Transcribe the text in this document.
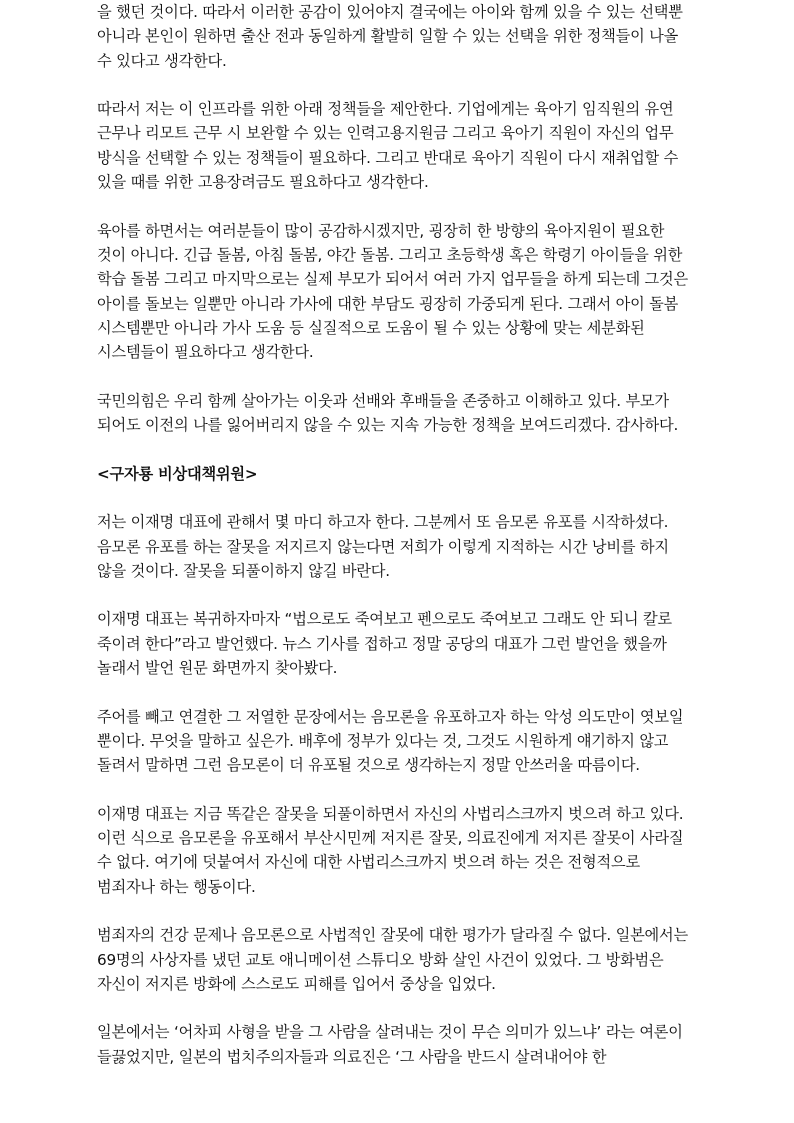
을 했던 것이다. 따라서 이러한 공감이 있어야지 결국에는 아이와 함께 있을 수 있는 선택뿐 아니라 본인이 원하면 출산 전과 동일하게 활발히 일할 수 있는 선택을 위한 정책들이 나올 수 있다고 생각한다.

따라서 저는 이 인프라를 위한 아래 정책들을 제안한다. 기업에게는 육아기 임직원의 유연 근무나 리모트 근무 시 보완할 수 있는 인력고용지원금 그리고 육아기 직원이 자신의 업무 방식을 선택할 수 있는 정책들이 필요하다. 그리고 반대로 육아기 직원이 다시 재취업할 수 있을 때를 위한 고용장려금도 필요하다고 생각한다.

육아를 하면서는 여러분들이 많이 공감하시겠지만, 굉장히 한 방향의 육아지원이 필요한 것이 아니다. 긴급 돌봄, 아침 돌봄, 야간 돌봄. 그리고 초등학생 혹은 학령기 아이들을 위한 학습 돌봄 그리고 마지막으로는 실제 부모가 되어서 여러 가지 업무들을 하게 되는데 그것은 아이를 돌보는 일뿐만 아니라 가사에 대한 부담도 굉장히 가중되게 된다. 그래서 아이 돌봄 시스템뿐만 아니라 가사 도움 등 실질적으로 도움이 될 수 있는 상황에 맞는 세분화된 시스템들이 필요하다고 생각한다.

국민의힘은 우리 함께 살아가는 이웃과 선배와 후배들을 존중하고 이해하고 있다. 부모가 되어도 이전의 나를 잃어버리지 않을 수 있는 지속 가능한 정책을 보여드리겠다. 감사하다.

<구자룡 비상대책위원>

저는 이재명 대표에 관해서 몇 마디 하고자 한다. 그분께서 또 음모론 유포를 시작하셨다. 음모론 유포를 하는 잘못을 저지르지 않는다면 저희가 이렇게 지적하는 시간 낭비를 하지 않을 것이다. 잘못을 되풀이하지 않길 바란다.

이재명 대표는 복귀하자마자 “법으로도 죽여보고 펜으로도 죽여보고 그래도 안 되니 칼로 죽이려 한다”라고 발언했다. 뉴스 기사를 접하고 정말 공당의 대표가 그런 발언을 했을까 놀래서 발언 원문 화면까지 찾아봤다.

주어를 빼고 연결한 그 저열한 문장에서는 음모론을 유포하고자 하는 악성 의도만이 엿보일 뿐이다. 무엇을 말하고 싶은가. 배후에 정부가 있다는 것, 그것도 시원하게 얘기하지 않고 돌려서 말하면 그런 음모론이 더 유포될 것으로 생각하는지 정말 안쓰러울 따름이다.

이재명 대표는 지금 똑같은 잘못을 되풀이하면서 자신의 사법리스크까지 벗으려 하고 있다. 이런 식으로 음모론을 유포해서 부산시민께 저지른 잘못, 의료진에게 저지른 잘못이 사라질 수 없다. 여기에 덧붙여서 자신에 대한 사법리스크까지 벗으려 하는 것은 전형적으로 범죄자나 하는 행동이다.

범죄자의 건강 문제나 음모론으로 사법적인 잘못에 대한 평가가 달라질 수 없다. 일본에서는 69명의 사상자를 냈던 교토 애니메이션 스튜디오 방화 살인 사건이 있었다. 그 방화범은 자신이 저지른 방화에 스스로도 피해를 입어서 중상을 입었다.

일본에서는 ‘어차피 사형을 받을 그 사람을 살려내는 것이 무슨 의미가 있느냐’ 라는 여론이 들끓었지만, 일본의 법치주의자들과 의료진은 ‘그 사람을 반드시 살려내어야 한
